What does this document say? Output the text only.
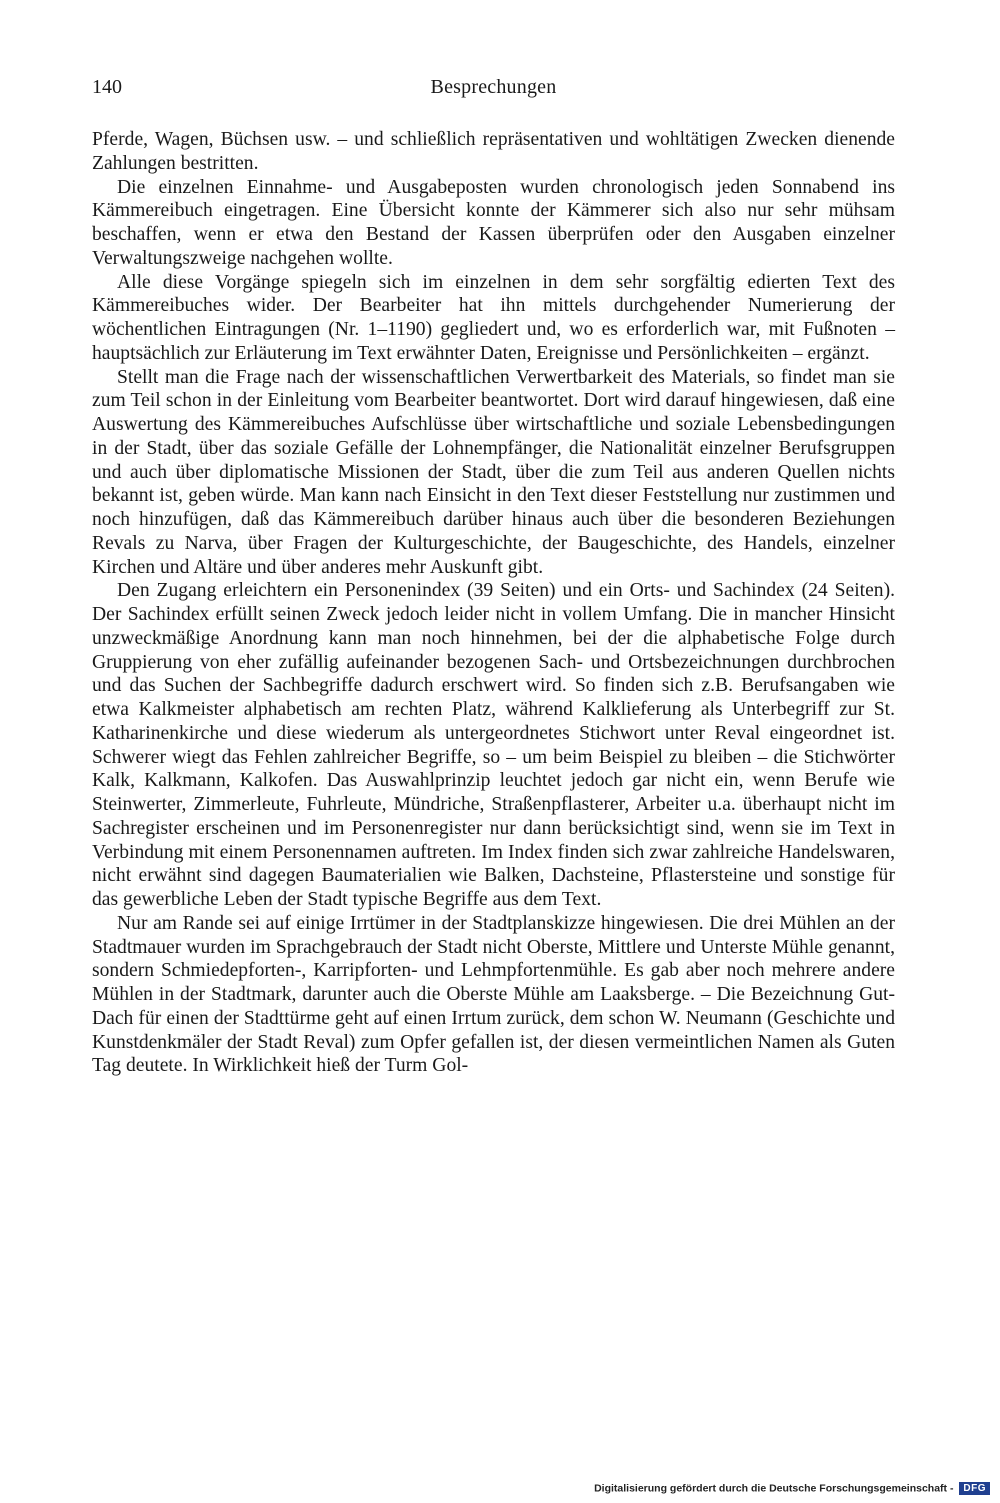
140	Besprechungen

Pferde, Wagen, Büchsen usw. – und schließlich repräsentativen und wohltätigen Zwecken dienende Zahlungen bestritten.

Die einzelnen Einnahme- und Ausgabeposten wurden chronologisch jeden Sonnabend ins Kämmereibuch eingetragen. Eine Übersicht konnte der Kämmerer sich also nur sehr mühsam beschaffen, wenn er etwa den Bestand der Kassen überprüfen oder den Ausgaben einzelner Verwaltungszweige nachgehen wollte.

Alle diese Vorgänge spiegeln sich im einzelnen in dem sehr sorgfältig edierten Text des Kämmereibuches wider. Der Bearbeiter hat ihn mittels durchgehender Numerierung der wöchentlichen Eintragungen (Nr. 1–1190) gegliedert und, wo es erforderlich war, mit Fußnoten – hauptsächlich zur Erläuterung im Text erwähnter Daten, Ereignisse und Persönlichkeiten – ergänzt.

Stellt man die Frage nach der wissenschaftlichen Verwertbarkeit des Materials, so findet man sie zum Teil schon in der Einleitung vom Bearbeiter beantwortet. Dort wird darauf hingewiesen, daß eine Auswertung des Kämmereibuches Aufschlüsse über wirtschaftliche und soziale Lebensbedingungen in der Stadt, über das soziale Gefälle der Lohnempfänger, die Nationalität einzelner Berufsgruppen und auch über diplomatische Missionen der Stadt, über die zum Teil aus anderen Quellen nichts bekannt ist, geben würde. Man kann nach Einsicht in den Text dieser Feststellung nur zustimmen und noch hinzufügen, daß das Kämmereibuch darüber hinaus auch über die besonderen Beziehungen Revals zu Narva, über Fragen der Kulturgeschichte, der Baugeschichte, des Handels, einzelner Kirchen und Altäre und über anderes mehr Auskunft gibt.

Den Zugang erleichtern ein Personenindex (39 Seiten) und ein Orts- und Sachindex (24 Seiten). Der Sachindex erfüllt seinen Zweck jedoch leider nicht in vollem Umfang. Die in mancher Hinsicht unzweckmäßige Anordnung kann man noch hinnehmen, bei der die alphabetische Folge durch Gruppierung von eher zufällig aufeinander bezogenen Sach- und Ortsbezeichnungen durchbrochen und das Suchen der Sachbegriffe dadurch erschwert wird. So finden sich z.B. Berufsangaben wie etwa Kalkmeister alphabetisch am rechten Platz, während Kalklieferung als Unterbegriff zur St. Katharinenkirche und diese wiederum als untergeordnetes Stichwort unter Reval eingeordnet ist. Schwerer wiegt das Fehlen zahlreicher Begriffe, so – um beim Beispiel zu bleiben – die Stichwörter Kalk, Kalkmann, Kalkofen. Das Auswahlprinzip leuchtet jedoch gar nicht ein, wenn Berufe wie Steinwerter, Zimmerleute, Fuhrleute, Mündriche, Straßenpflasterer, Arbeiter u.a. überhaupt nicht im Sachregister erscheinen und im Personenregister nur dann berücksichtigt sind, wenn sie im Text in Verbindung mit einem Personennamen auftreten. Im Index finden sich zwar zahlreiche Handelswaren, nicht erwähnt sind dagegen Baumaterialien wie Balken, Dachsteine, Pflastersteine und sonstige für das gewerbliche Leben der Stadt typische Begriffe aus dem Text.

Nur am Rande sei auf einige Irrtümer in der Stadtplanskizze hingewiesen. Die drei Mühlen an der Stadtmauer wurden im Sprachgebrauch der Stadt nicht Oberste, Mittlere und Unterste Mühle genannt, sondern Schmiedepforten-, Karripforten- und Lehmpfortenmühle. Es gab aber noch mehrere andere Mühlen in der Stadtmark, darunter auch die Oberste Mühle am Laaksberge. – Die Bezeichnung Gut-Dach für einen der Stadttürme geht auf einen Irrtum zurück, dem schon W. Neumann (Geschichte und Kunstdenkmäler der Stadt Reval) zum Opfer gefallen ist, der diesen vermeintlichen Namen als Guten Tag deutete. In Wirklichkeit hieß der Turm Gol-

Digitalisierung gefördert durch die Deutsche Forschungsgemeinschaft - DFG
